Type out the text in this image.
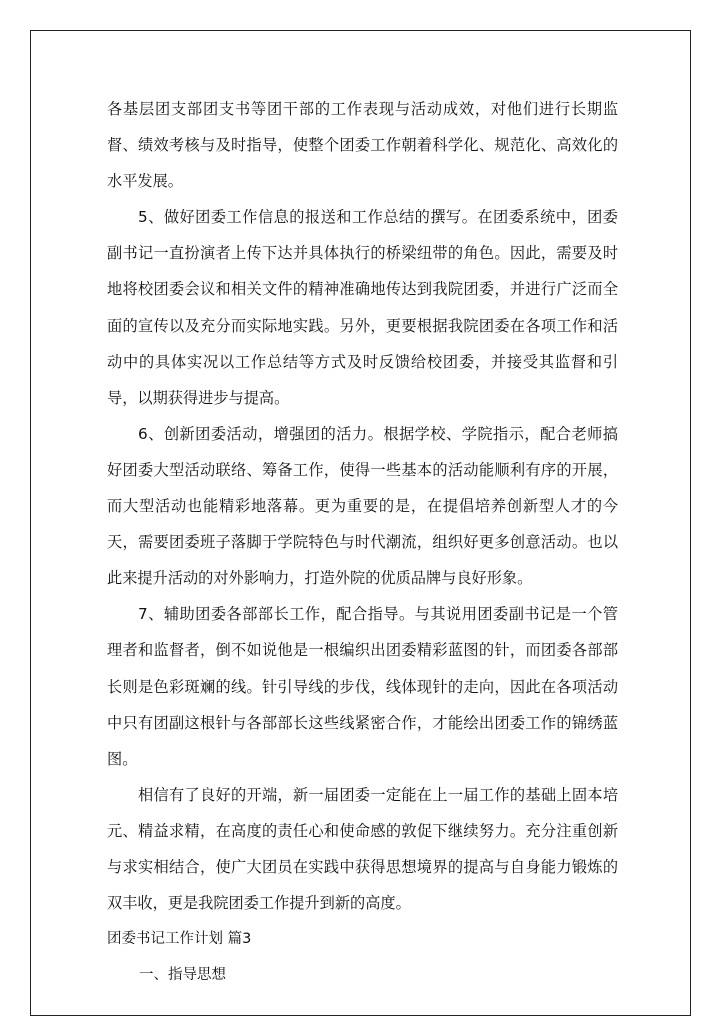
各基层团支部团支书等团干部的工作表现与活动成效，对他们进行长期监督、绩效考核与及时指导，使整个团委工作朝着科学化、规范化、高效化的水平发展。

5、做好团委工作信息的报送和工作总结的撰写。在团委系统中，团委副书记一直扮演者上传下达并具体执行的桥梁纽带的角色。因此，需要及时地将校团委会议和相关文件的精神准确地传达到我院团委，并进行广泛而全面的宣传以及充分而实际地实践。另外，更要根据我院团委在各项工作和活动中的具体实况以工作总结等方式及时反馈给校团委，并接受其监督和引导，以期获得进步与提高。

6、创新团委活动，增强团的活力。根据学校、学院指示，配合老师搞好团委大型活动联络、筹备工作，使得一些基本的活动能顺利有序的开展，而大型活动也能精彩地落幕。更为重要的是，在提倡培养创新型人才的今天，需要团委班子落脚于学院特色与时代潮流，组织好更多创意活动。也以此来提升活动的对外影响力，打造外院的优质品牌与良好形象。

7、辅助团委各部部长工作，配合指导。与其说用团委副书记是一个管理者和监督者，倒不如说他是一根编织出团委精彩蓝图的针，而团委各部部长则是色彩斑斓的线。针引导线的步伐，线体现针的走向，因此在各项活动中只有团副这根针与各部部长这些线紧密合作，才能绘出团委工作的锦绣蓝图。

相信有了良好的开端，新一届团委一定能在上一届工作的基础上固本培元、精益求精，在高度的责任心和使命感的敦促下继续努力。充分注重创新与求实相结合，使广大团员在实践中获得思想境界的提高与自身能力锻炼的双丰收，更是我院团委工作提升到新的高度。

团委书记工作计划 篇3

一、指导思想
